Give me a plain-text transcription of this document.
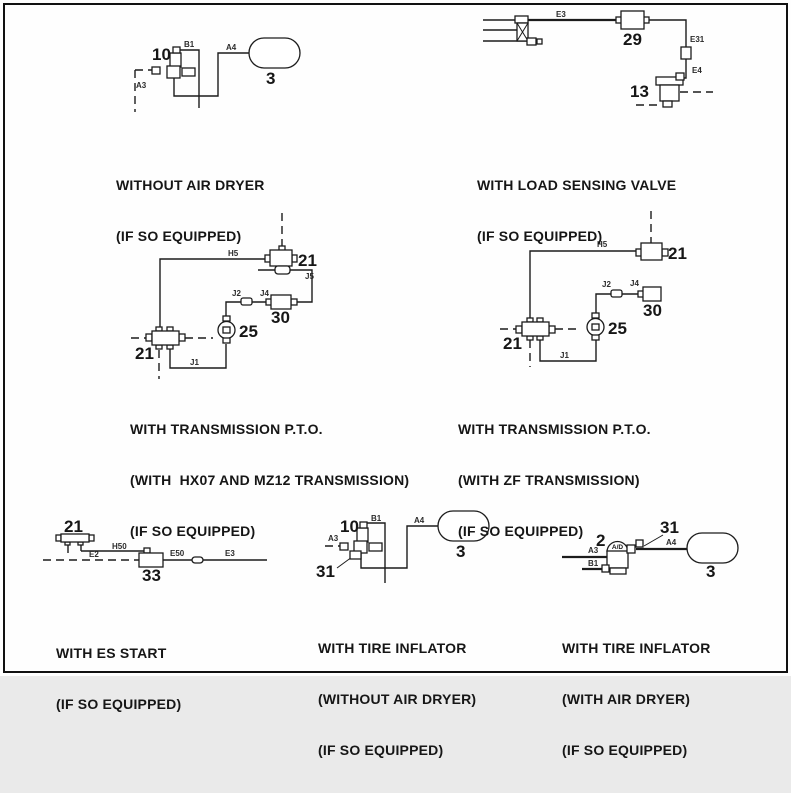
10
B1	A4
3
A3
E3
29	E31
E4
13
H5	21
J5
J2 J4
30
25
21	J1
H5	21
J2 J4
30
25
21
J1
21
H50
E2
33
E50	E3
10 B1	A4
3
A3
31
31
2 A/D
A3
B1
A4
3

WITHOUT AIR DRYER

(IF SO EQUIPPED)

WITH LOAD SENSING VALVE

(IF SO EQUIPPED)

WITH TRANSMISSION P.T.O.

(WITH  HX07 AND MZ12 TRANSMISSION)

(IF SO EQUIPPED)

WITH TRANSMISSION P.T.O.

(WITH ZF TRANSMISSION)

(IF SO EQUIPPED)

WITH ES START

(IF SO EQUIPPED)

WITH TIRE INFLATOR

(WITHOUT AIR DRYER)

(IF SO EQUIPPED)

WITH TIRE INFLATOR

(WITH AIR DRYER)

(IF SO EQUIPPED)
